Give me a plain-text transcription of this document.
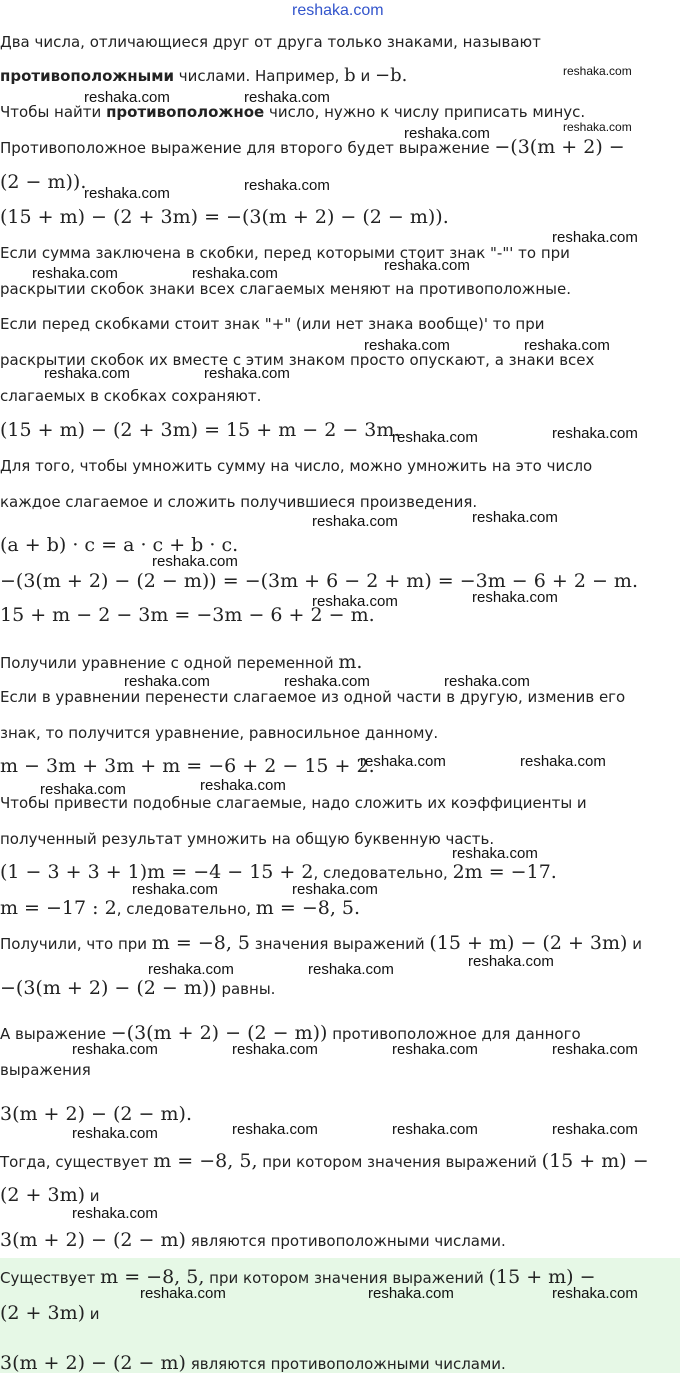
reshaka.com
Два числа, отличающиеся друг от друга только знаками, называют
противоположными числами. Например, b и −b.
Чтобы найти противоположное число, нужно к числу приписать минус.
Противоположное выражение для второго будет выражение −(3(m + 2) −
(2 − m)).
(15 + m) − (2 + 3m) = −(3(m + 2) − (2 − m)).
Если сумма заключена в скобки, перед которыми стоит знак "-"' то при
раскрытии скобок знаки всех слагаемых меняют на противоположные.
Если перед скобками стоит знак "+" (или нет знака вообще)' то при
раскрытии скобок их вместе с этим знаком просто опускают, а знаки всех
слагаемых в скобках сохраняют.
(15 + m) − (2 + 3m) = 15 + m − 2 − 3m.
Для того, чтобы умножить сумму на число, можно умножить на это число
каждое слагаемое и сложить получившиеся произведения.
(a + b) · c = a · c + b · c.
−(3(m + 2) − (2 − m)) = −(3m + 6 − 2 + m) = −3m − 6 + 2 − m.
15 + m − 2 − 3m = −3m − 6 + 2 − m.
Получили уравнение с одной переменной m.
Если в уравнении перенести слагаемое из одной части в другую, изменив его
знак, то получится уравнение, равносильное данному.
m − 3m + 3m + m = −6 + 2 − 15 + 2.
Чтобы привести подобные слагаемые, надо сложить их коэффициенты и
полученный результат умножить на общую буквенную часть.
(1 − 3 + 3 + 1)m = −4 − 15 + 2, следовательно, 2m = −17.
m = −17 : 2, следовательно, m = −8, 5.
Получили, что при m = −8, 5 значения выражений (15 + m) − (2 + 3m) и
−(3(m + 2) − (2 − m)) равны.
А выражение −(3(m + 2) − (2 − m)) противоположное для данного
выражения
3(m + 2) − (2 − m).
Тогда, существует m = −8, 5, при котором значения выражений (15 + m) −
(2 + 3m) и
3(m + 2) − (2 − m) являются противоположными числами.
Существует m = −8, 5, при котором значения выражений (15 + m) −
(2 + 3m) и
3(m + 2) − (2 − m) являются противоположными числами.
reshaka.com
reshaka.com	reshaka.com
reshaka.com	reshaka.com
reshaka.com	reshaka.com
reshaka.com
reshaka.com
reshaka.com	reshaka.com
reshaka.com	reshaka.com
reshaka.com	reshaka.com
reshaka.com	reshaka.com
reshaka.com	reshaka.com
reshaka.com
reshaka.com	reshaka.com
reshaka.com	reshaka.com	reshaka.com
reshaka.com	reshaka.com
reshaka.com	reshaka.com
reshaka.com
reshaka.com	reshaka.com
reshaka.com
reshaka.com	reshaka.com
reshaka.com	reshaka.com	reshaka.com	reshaka.com
reshaka.com	reshaka.com	reshaka.com	reshaka.com
reshaka.com
reshaka.com	reshaka.com	reshaka.com
